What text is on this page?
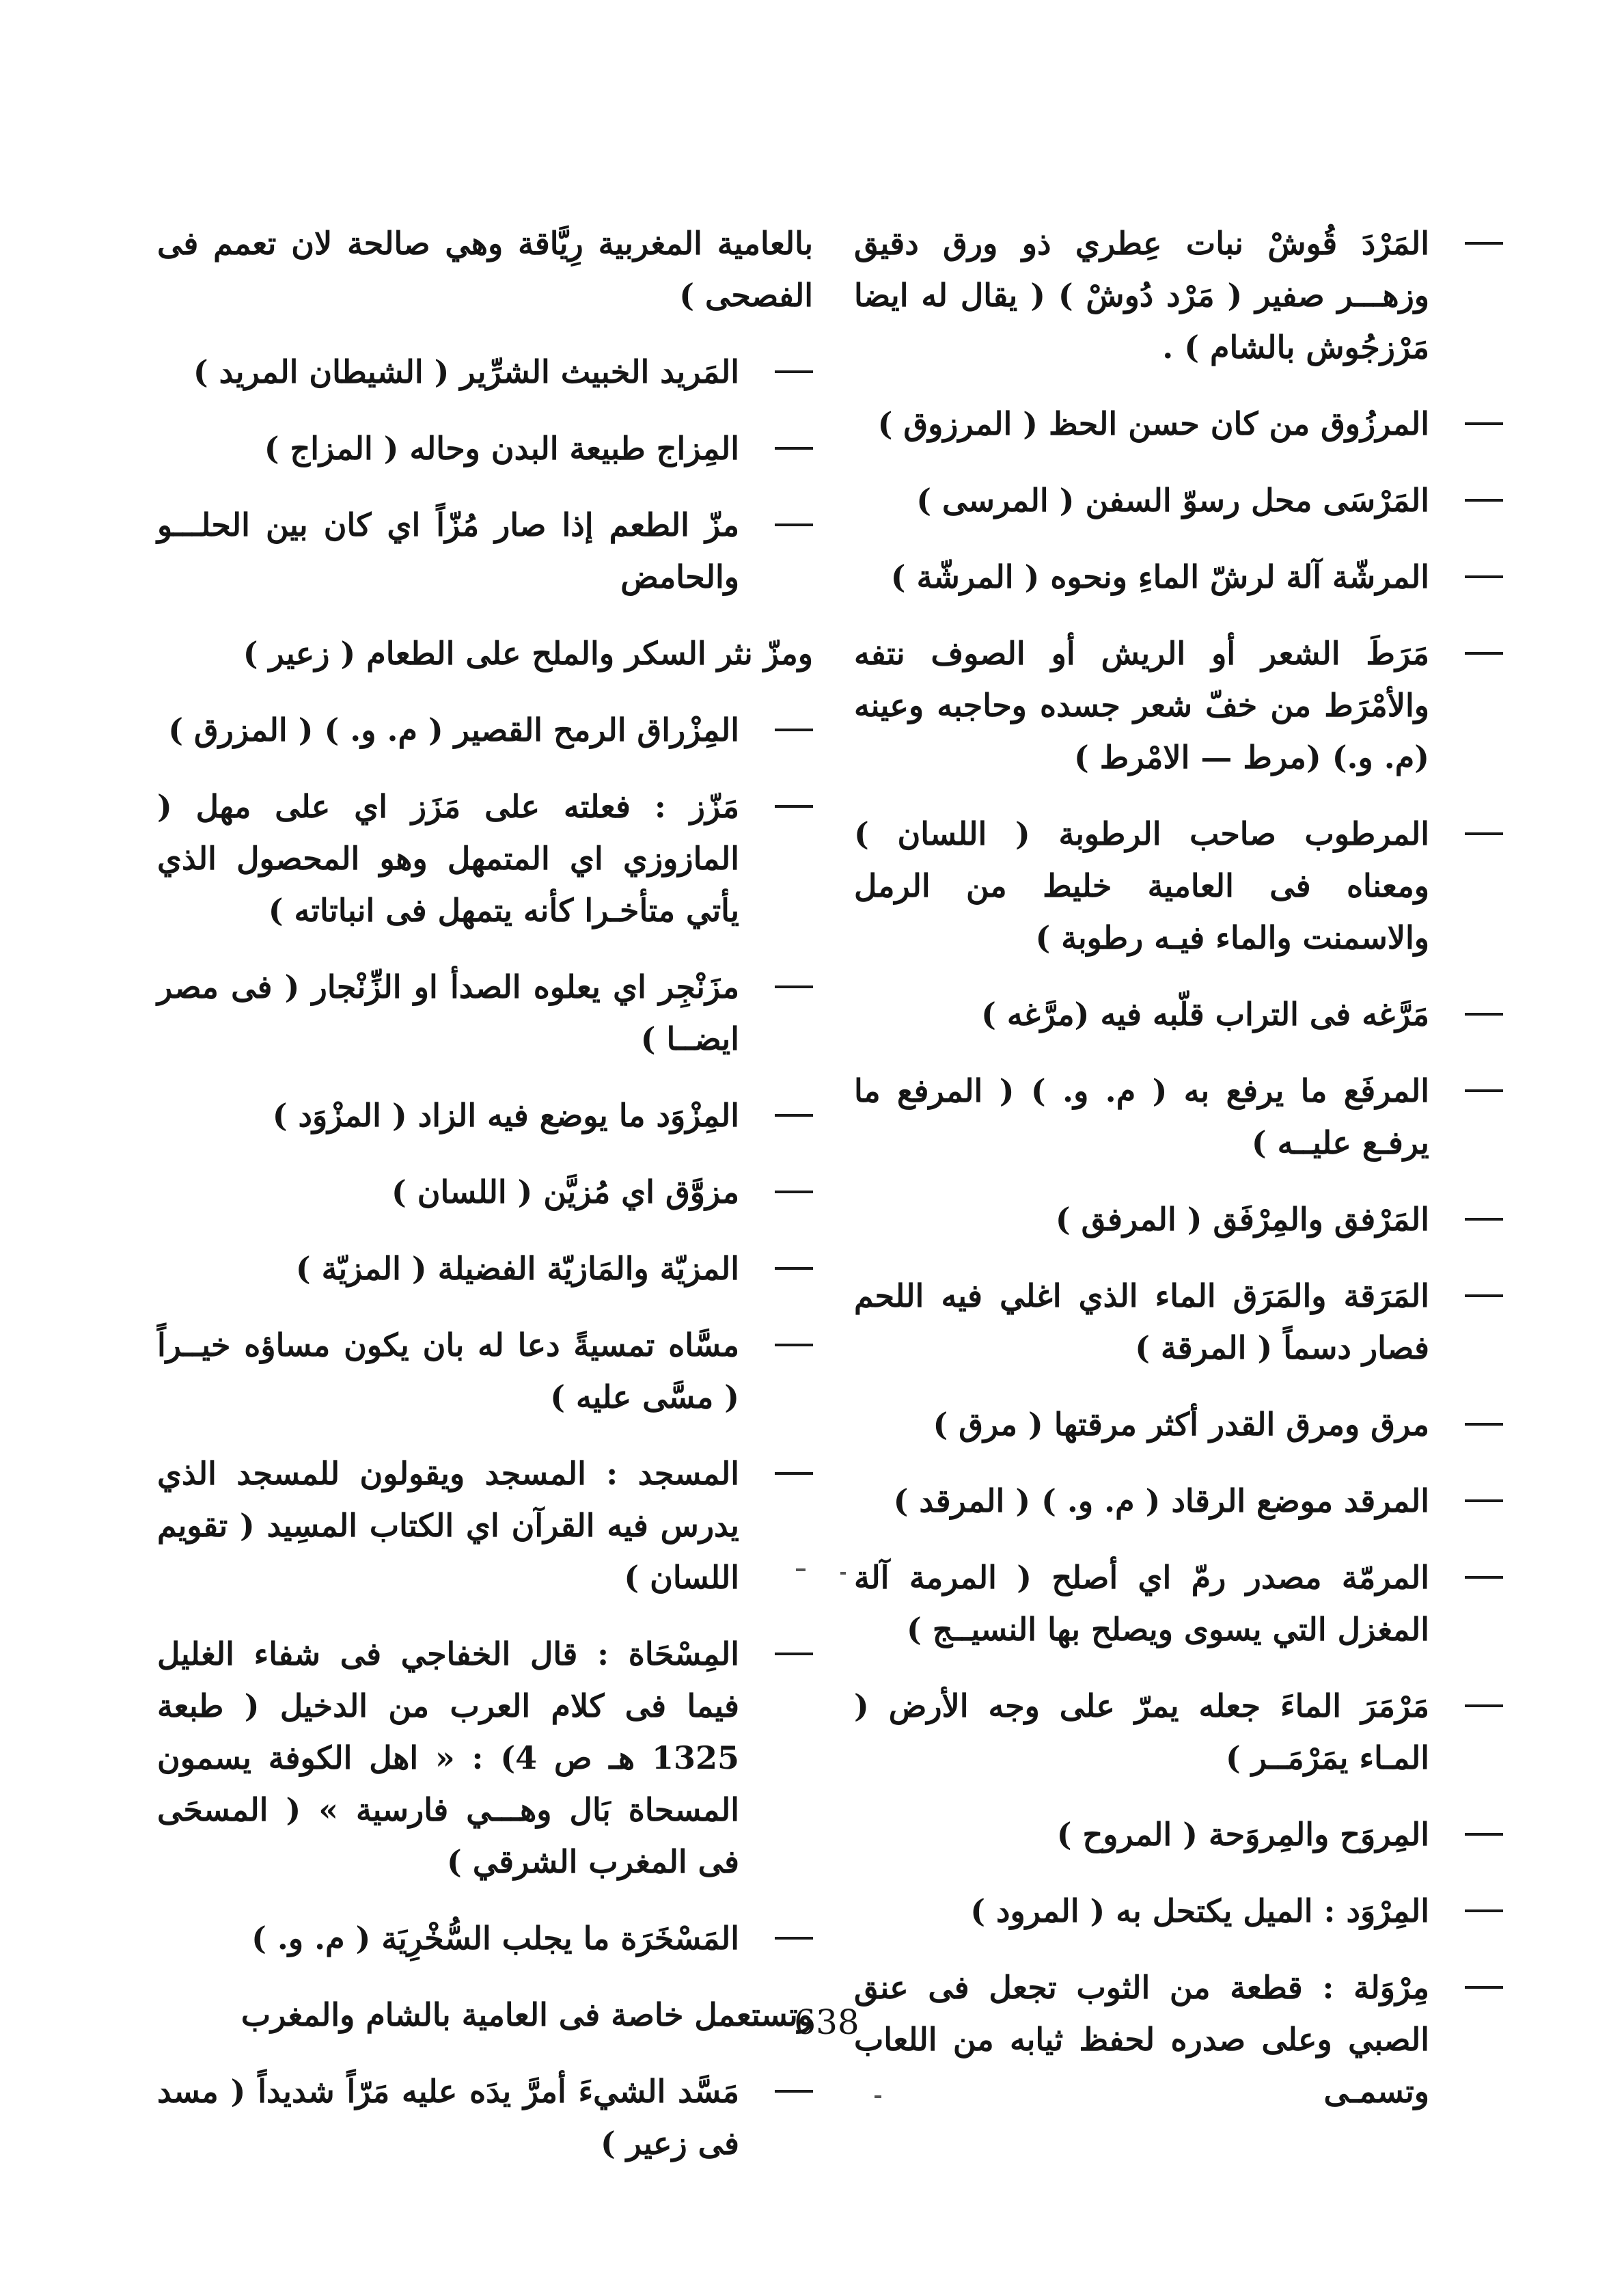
المَرْدَ قُوشْ نبات عِطري ذو ورق دقيق وزهـــر صفير ( مَرْد دُوشْ ) ( يقال له ايضا مَرْزجُوش بالشام ) .
المرزُوق من كان حسن الحظ ( المرزوق )
المَرْسَى محل رسوّ السفن ( المرسى )
المرشّة آلة لرشّ الماءِ ونحوه ( المرشّة )
مَرَطَ الشعر أو الريش أو الصوف نتفه والأمْرَط من خفّ شعر جسده وحاجبه وعينه (م. و.) (مرط — الامْرط )
المرطوب صاحب الرطوبة ( اللسان ) ومعناه فى العامية خليط من الرمل والاسمنت والماء فيـه رطوبة )
مَرَّغه فى التراب قلّبه فيه (مرَّغه )
المرفَع ما يرفع به ( م. و. ) ( المرفع ما يرفـع عليــه )
المَرْفق والمِرْفَق ( المرفق )
المَرَقة والمَرَق الماء الذي اغلي فيه اللحم فصار دسماً ( المرقة )
مرق ومرق القدر أكثر مرقتها ( مرق )
المرقد موضع الرقاد ( م. و. ) ( المرقد )
المرمّة مصدر رمّ اي أصلح ( المرمة آلة المغزل التي يسوى ويصلح بها النسيــج )
مَرْمَرَ الماءَ جعله يمرّ على وجه الأرض ( المـاء يمَرْمَــر )
المِروَح والمِروَحة ( المروح )
المِرْوَد : الميل يكتحل به ( المرود )
مِرْوَلة : قطعة من الثوب تجعل فى عنق الصبي وعلى صدره لحفظ ثيابه من اللعاب وتسمـى
بالعامية المغربية رِيَّاقة وهي صالحة لان تعمم فى الفصحى )
المَريد الخبيث الشرِّير ( الشيطان المريد )
المِزاج طبيعة البدن وحاله ( المزاج )
مزّ الطعم إذا صار مُزّاً اي كان بين الحلـــو والحامض
ومزّ نثر السكر والملح على الطعام ( زعير )
المِزْراق الرمح القصير ( م. و. ) ( المزرق )
مَزّز : فعلته على مَزَز اي على مهل ( المازوزي اي المتمهل وهو المحصول الذي يأتي متأخـرا كأنه يتمهل فى انباتاته )
مزَنْجِر اي يعلوه الصدأ او الزِّنْجار ( فى مصر ايضــا )
المِزْوَد ما يوضع فيه الزاد ( المزْوَد )
مزوَّق اي مُزيَّن ( اللسان )
المزيّة والمَازيّة الفضيلة ( المزيّة )
مسَّاه تمسيةً دعا له بان يكون مساؤه خيــراً ( مسَّى عليه )
المسجد : المسجد ويقولون للمسجد الذي يدرس فيه القرآن اي الكتاب المسِيد ( تقويم اللسان )
المِسْحَاة : قال الخفاجي فى شفاء الغليل فيما فى كلام العرب من الدخيل ( طبعة 1325 هـ ص 4) : « اهل الكوفة يسمون المسحاة بَال وهـــي فارسية » ( المسحَى فى المغرب الشرقي )
المَسْخَرَة ما يجلب السُّخْرِيَة ( م. و. )
وتستعمل خاصة فى العامية بالشام والمغرب
مَسَّد الشيءَ أمرَّ يدَه عليه مَرّاً شديداً ( مسد فى زعير )
638
